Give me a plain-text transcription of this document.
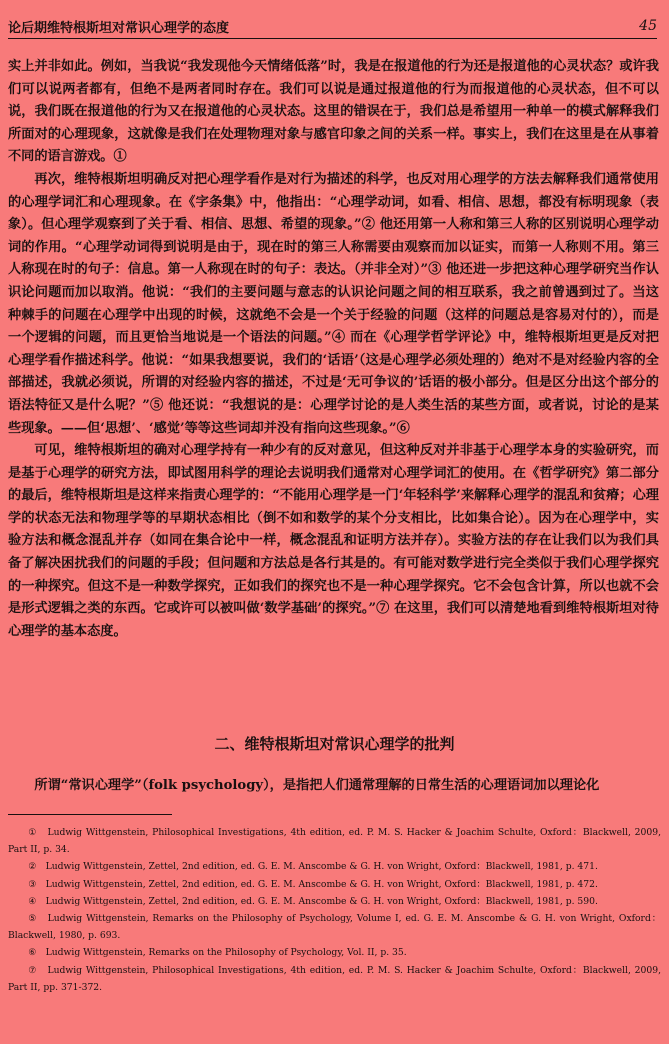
论后期维特根斯坦对常识心理学的态度	45

实上并非如此。例如，当我说“我发现他今天情绪低落”时，我是在报道他的行为还是报道他的心灵状态？或许我们可以说两者都有，但绝不是两者同时存在。我们可以说是通过报道他的行为而报道他的心灵状态，但不可以说，我们既在报道他的行为又在报道他的心灵状态。这里的错误在于，我们总是希望用一种单一的模式解释我们所面对的心理现象，这就像是我们在处理物理对象与感官印象之间的关系一样。事实上，我们在这里是在从事着不同的语言游戏。①

再次，维特根斯坦明确反对把心理学看作是对行为描述的科学，也反对用心理学的方法去解释我们通常使用的心理学词汇和心理现象。在《字条集》中，他指出：“心理学动词，如看、相信、思想，都没有标明现象（表象）。但心理学观察到了关于看、相信、思想、希望的现象。”② 他还用第一人称和第三人称的区别说明心理学动词的作用。“心理学动词得到说明是由于，现在时的第三人称需要由观察而加以证实，而第一人称则不用。第三人称现在时的句子：信息。第一人称现在时的句子：表达。（并非全对）”③ 他还进一步把这种心理学研究当作认识论问题而加以取消。他说：“我们的主要问题与意志的认识论问题之间的相互联系，我之前曾遇到过了。当这种棘手的问题在心理学中出现的时候，这就绝不会是一个关于经验的问题（这样的问题总是容易对付的），而是一个逻辑的问题，而且更恰当地说是一个语法的问题。”④ 而在《心理学哲学评论》中，维特根斯坦更是反对把心理学看作描述科学。他说：“如果我想要说，我们的‘话语’（这是心理学必须处理的）绝对不是对经验内容的全部描述，我就必须说，所谓的对经验内容的描述，不过是‘无可争议的’话语的极小部分。但是区分出这个部分的语法特征又是什么呢？”⑤ 他还说：“我想说的是：心理学讨论的是人类生活的某些方面，或者说，讨论的是某些现象。——但‘思想’、‘感觉’等等这些词却并没有指向这些现象。”⑥

可见，维特根斯坦的确对心理学持有一种少有的反对意见，但这种反对并非基于心理学本身的实验研究，而是基于心理学的研究方法，即试图用科学的理论去说明我们通常对心理学词汇的使用。在《哲学研究》第二部分的最后，维特根斯坦是这样来指责心理学的：“不能用心理学是一门‘年轻科学’来解释心理学的混乱和贫瘠；心理学的状态无法和物理学等的早期状态相比（倒不如和数学的某个分支相比，比如集合论）。因为在心理学中，实验方法和概念混乱并存（如同在集合论中一样，概念混乱和证明方法并存）。实验方法的存在让我们以为我们具备了解决困扰我们的问题的手段；但问题和方法总是各行其是的。有可能对数学进行完全类似于我们心理学探究的一种探究。但这不是一种数学探究，正如我们的探究也不是一种心理学探究。它不会包含计算，所以也就不会是形式逻辑之类的东西。它或许可以被叫做‘数学基础’的探究。”⑦ 在这里，我们可以清楚地看到维特根斯坦对待心理学的基本态度。

二、维特根斯坦对常识心理学的批判
所谓“常识心理学”（folk psychology），是指把人们通常理解的日常生活的心理语词加以理论化
①　Ludwig Wittgenstein, Philosophical Investigations, 4th edition, ed. P. M. S. Hacker & Joachim Schulte, Oxford：Blackwell, 2009, Part II, p. 34.
②　Ludwig Wittgenstein, Zettel, 2nd edition, ed. G. E. M. Anscombe & G. H. von Wright, Oxford：Blackwell, 1981, p. 471.
③　Ludwig Wittgenstein, Zettel, 2nd edition, ed. G. E. M. Anscombe & G. H. von Wright, Oxford：Blackwell, 1981, p. 472.
④　Ludwig Wittgenstein, Zettel, 2nd edition, ed. G. E. M. Anscombe & G. H. von Wright, Oxford：Blackwell, 1981, p. 590.
⑤　Ludwig Wittgenstein, Remarks on the Philosophy of Psychology, Volume I, ed. G. E. M. Anscombe & G. H. von Wright, Oxford：Blackwell, 1980, p. 693.
⑥　Ludwig Wittgenstein, Remarks on the Philosophy of Psychology, Vol. II, p. 35.
⑦　Ludwig Wittgenstein, Philosophical Investigations, 4th edition, ed. P. M. S. Hacker & Joachim Schulte, Oxford：Blackwell, 2009, Part II, pp. 371-372.
